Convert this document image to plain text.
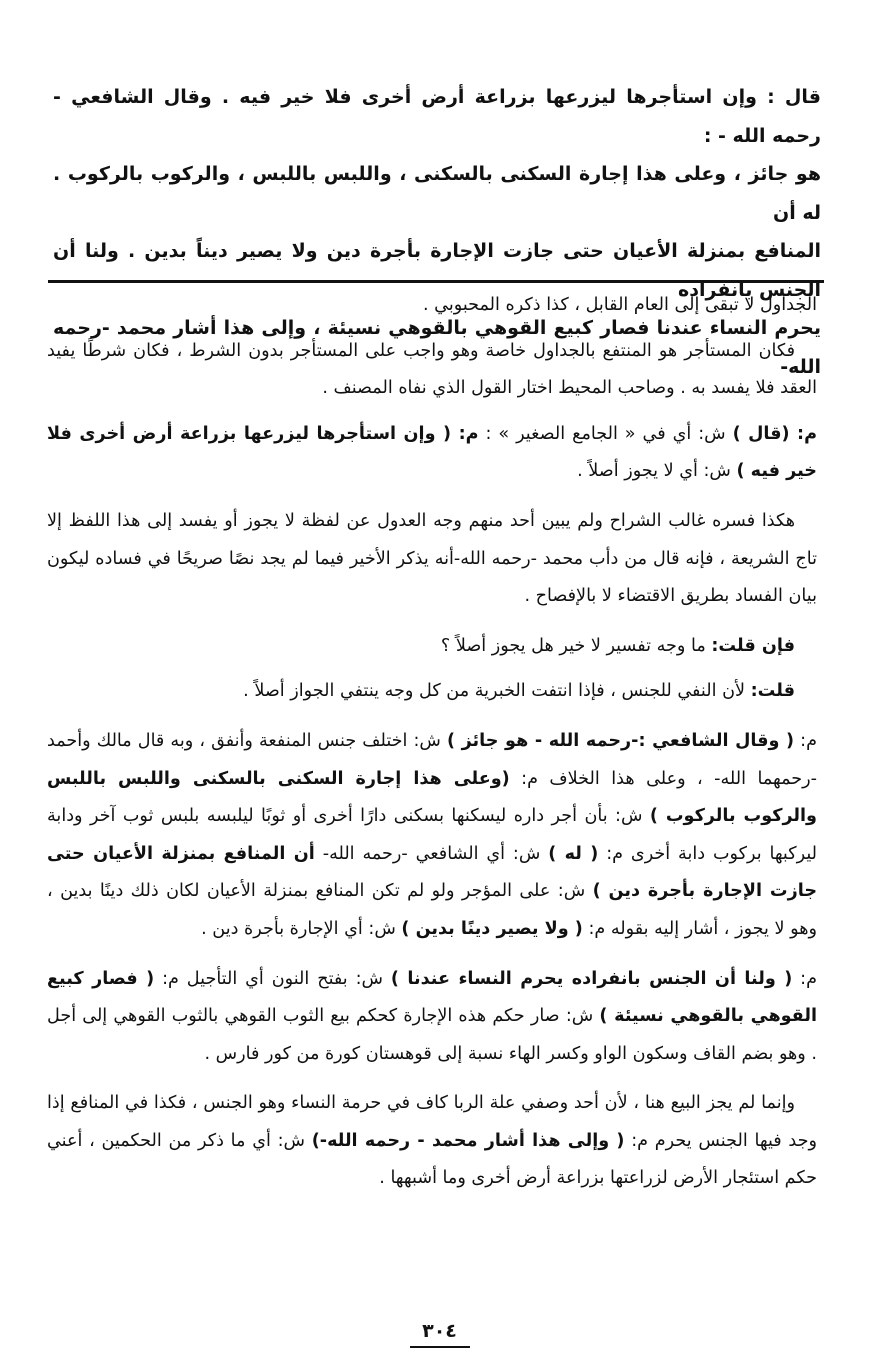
قال : وإن استأجرها ليزرعها بزراعة أرض أخرى فلا خير فيه . وقال الشافعي - رحمه الله - :
هو جائز ، وعلى هذا إجارة السكنى بالسكنى ، واللبس باللبس ، والركوب بالركوب . له أن
المنافع بمنزلة الأعيان حتى جازت الإجارة بأجرة دين ولا يصير ديناً بدين . ولنا أن الجنس بانفراده
يحرم النساء عندنا فصار كبيع القوهي بالقوهي نسيئة ، وإلى هذا أشار محمد -رحمه الله-

الجداول لا تبقى إلى العام القابل ، كذا ذكره المحبوبي .

فكان المستأجر هو المنتفع بالجداول خاصة وهو واجب على المستأجر بدون الشرط ، فكان شرطًا يفيد العقد فلا يفسد به . وصاحب المحيط اختار القول الذي نفاه المصنف .

م: (قال ) ش: أي في « الجامع الصغير » : م: ( وإن استأجرها ليزرعها بزراعة أرض أخرى فلا خير فيه ) ش: أي لا يجوز أصلاً .

هكذا فسره غالب الشراح ولم يبين أحد منهم وجه العدول عن لفظة لا يجوز أو يفسد إلى هذا اللفظ إلا تاج الشريعة ، فإنه قال من دأب محمد -رحمه الله-أنه يذكر الأخير فيما لم يجد نصًا صريحًا في فساده ليكون بيان الفساد بطريق الاقتضاء لا بالإفصاح .

فإن قلت: ما وجه تفسير لا خير هل يجوز أصلاً ؟

قلت: لأن النفي للجنس ، فإذا انتفت الخبرية من كل وجه ينتفي الجواز أصلاً .

م: ( وقال الشافعي :-رحمه الله - هو جائز ) ش: اختلف جنس المنفعة وأنفق ، وبه قال مالك وأحمد -رحمهما الله- ، وعلى هذا الخلاف م: (وعلى هذا إجارة السكنى بالسكنى واللبس باللبس والركوب بالركوب ) ش: بأن أجر داره ليسكنها بسكنى دارًا أخرى أو ثوبًا ليلبسه بلبس ثوب آخر ودابة ليركبها بركوب دابة أخرى م: ( له ) ش: أي الشافعي -رحمه الله- أن المنافع بمنزلة الأعيان حتى جازت الإجارة بأجرة دين ) ش: على المؤجر ولو لم تكن المنافع بمنزلة الأعيان لكان ذلك دينًا بدين ، وهو لا يجوز ، أشار إليه بقوله م: ( ولا يصير دينًا بدين ) ش: أي الإجارة بأجرة دين .

م: ( ولنا أن الجنس بانفراده يحرم النساء عندنا ) ش: بفتح النون أي التأجيل م: ( فصار كبيع القوهي بالقوهي نسيئة ) ش: صار حكم هذه الإجارة كحكم بيع الثوب القوهي بالثوب القوهي إلى أجل . وهو بضم القاف وسكون الواو وكسر الهاء نسبة إلى قوهستان كورة من كور فارس .

وإنما لم يجز البيع هنا ، لأن أحد وصفي علة الربا كاف في حرمة النساء وهو الجنس ، فكذا في المنافع إذا وجد فيها الجنس يحرم م: ( وإلى هذا أشار محمد - رحمه الله-) ش: أي ما ذكر من الحكمين ، أعني حكم استئجار الأرض لزراعتها بزراعة أرض أخرى وما أشبهها .

٣٠٤
